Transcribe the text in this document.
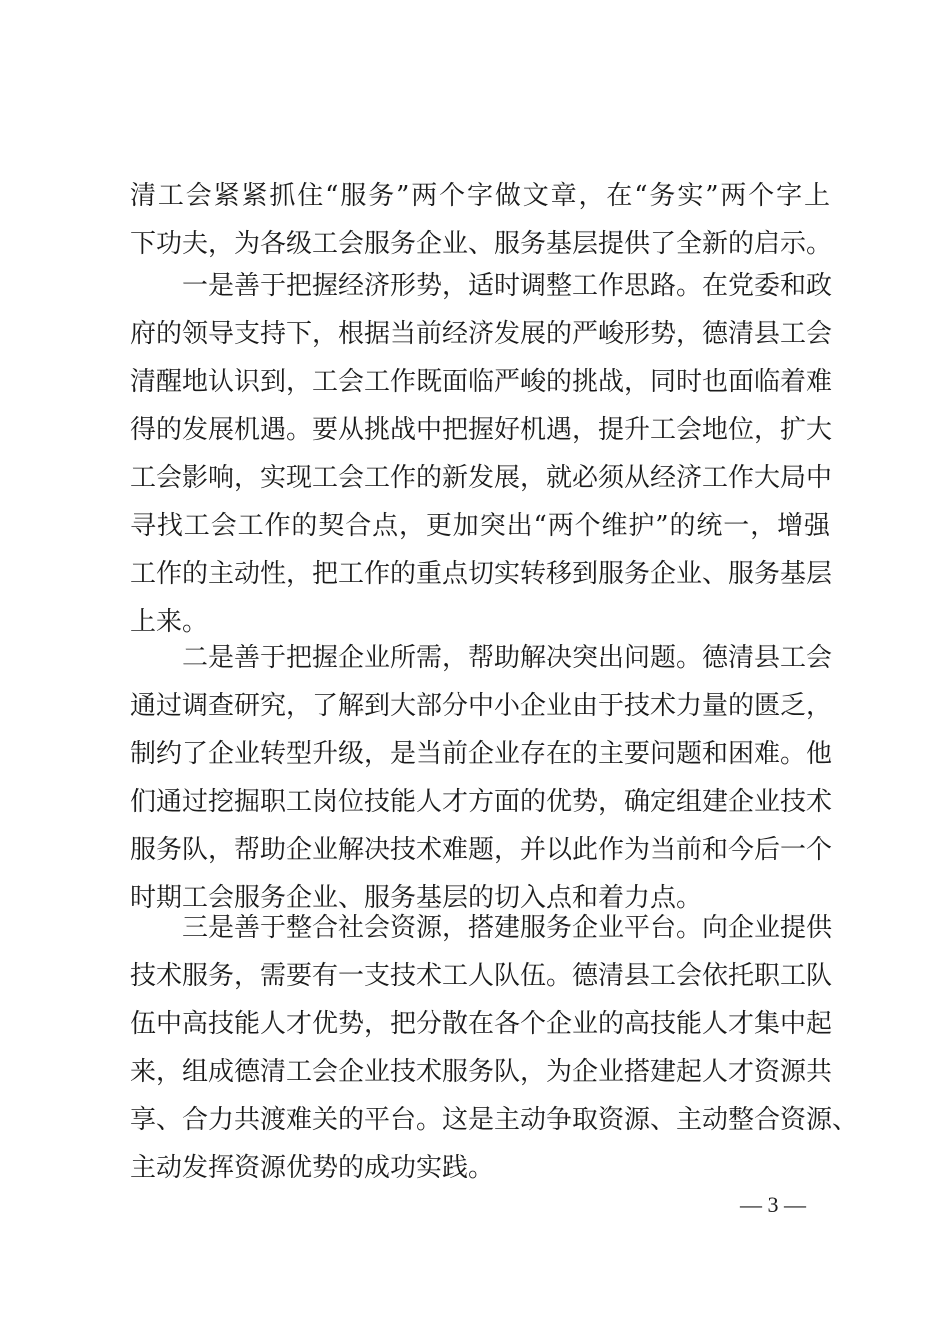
清工会紧紧抓住“服务”两个字做文章，在“务实”两个字上
下功夫，为各级工会服务企业、服务基层提供了全新的启示。
一是善于把握经济形势，适时调整工作思路。在党委和政
府的领导支持下，根据当前经济发展的严峻形势，德清县工会
清醒地认识到，工会工作既面临严峻的挑战，同时也面临着难
得的发展机遇。要从挑战中把握好机遇，提升工会地位，扩大
工会影响，实现工会工作的新发展，就必须从经济工作大局中
寻找工会工作的契合点，更加突出“两个维护”的统一，增强
工作的主动性，把工作的重点切实转移到服务企业、服务基层
上来。
二是善于把握企业所需，帮助解决突出问题。德清县工会
通过调查研究，了解到大部分中小企业由于技术力量的匮乏，
制约了企业转型升级，是当前企业存在的主要问题和困难。他
们通过挖掘职工岗位技能人才方面的优势，确定组建企业技术
服务队，帮助企业解决技术难题，并以此作为当前和今后一个
时期工会服务企业、服务基层的切入点和着力点。
三是善于整合社会资源，搭建服务企业平台。向企业提供
技术服务，需要有一支技术工人队伍。德清县工会依托职工队
伍中高技能人才优势，把分散在各个企业的高技能人才集中起
来，组成德清工会企业技术服务队，为企业搭建起人才资源共
享、合力共渡难关的平台。这是主动争取资源、主动整合资源、
主动发挥资源优势的成功实践。
— 3 —
